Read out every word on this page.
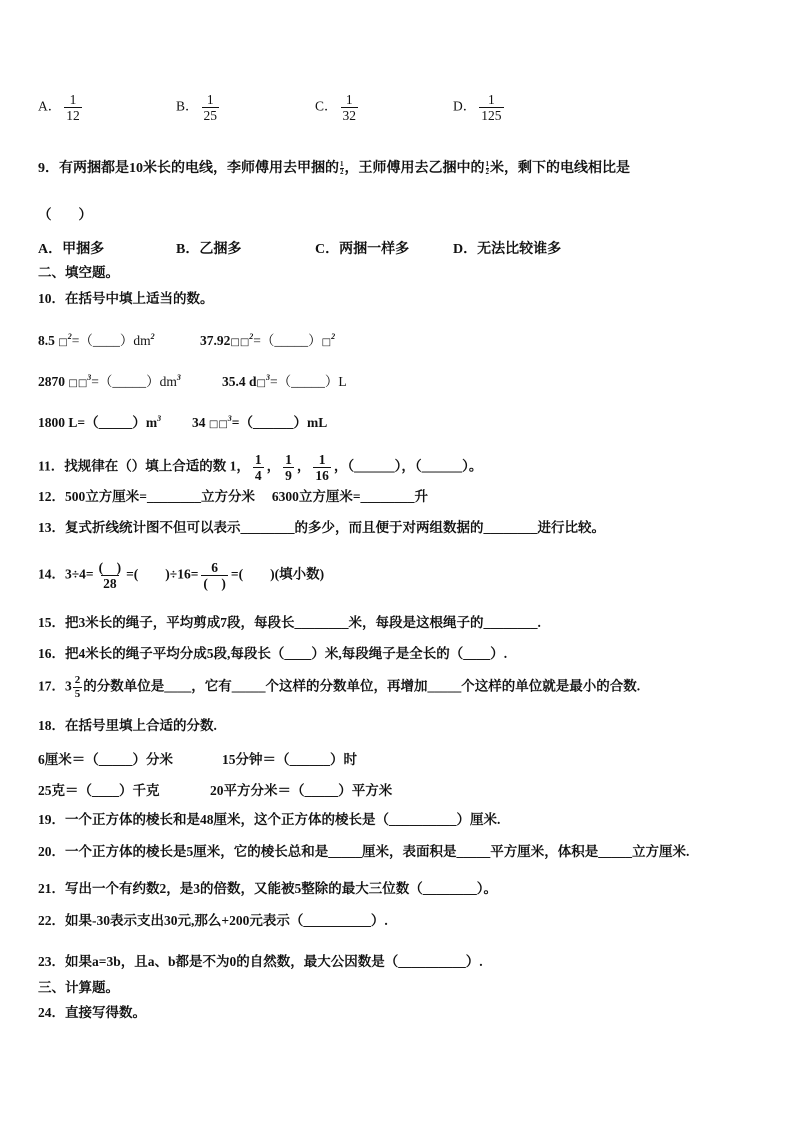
A． $\frac{1}{12}$	B． $\frac{1}{25}$	C． $\frac{1}{32}$	D． $\frac{1}{125}$
9．有两捆都是10米长的电线，李师傅用去甲捆的 $\frac{1}{2}$ ，王师傅用去乙捆中的 $\frac{1}{2}$ 米，剩下的电线相比是
（　　）
A．甲捆多	B．乙捆多	C．两捆一样多	D．无法比较谁多
二、填空题。
10．在括号中填上适当的数。
8.5 $□^2=(\_\_\_\_)dm^2$	37.92□□$^2$=（_____）□$^2$
2870 $□□^3=(\_\_\_\_\_)dm^3$	35.4 d□$^3$=（_____）L
1800 $L=(\_\_\_\_\_)m^3$ 34 □□$^3$=（______）mL
11．找规律在（）填上合适的数 1， $\frac{1}{4}$ ， $\frac{1}{9}$ ， $\frac{1}{16}$ ，（______），（______）。
12．500立方厘米=________立方分米　 6300立方厘米=________升
13．复式折线统计图不但可以表示________的多少，而且便于对两组数据的________进行比较。
14．$3\div 4= \frac{( )}{28}$ =(　　)$\div 16= \frac{6}{( )}$ =(　　)(填小数)
15．把3米长的绳子，平均剪成7段，每段长________米，每段是这根绳子的________.
16．把4米长的绳子平均分成5段,每段长（____）米,每段绳子是全长的（____）.
17．$3 \frac{2}{5}$ 的分数单位是____，它有_____个这样的分数单位，再增加_____个这样的单位就是最小的合数.
18．在括号里填上合适的分数.
6厘米＝（_____）分米	15分钟＝（______）时
25克＝（____）千克	20平方分米＝（_____）平方米
19．一个正方体的棱长和是48厘米，这个正方体的棱长是（__________）厘米.
20．一个正方体的棱长是5厘米，它的棱长总和是_____厘米，表面积是_____平方厘米，体积是_____立方厘米.
21．写出一个有约数2，是3的倍数，又能被5整除的最大三位数（________）。
22．如果-30表示支出30元,那么+200元表示（__________）.
23．如果a=3b，且a、b都是不为0的自然数，最大公因数是（__________）.
三、计算题。
24．直接写得数。
